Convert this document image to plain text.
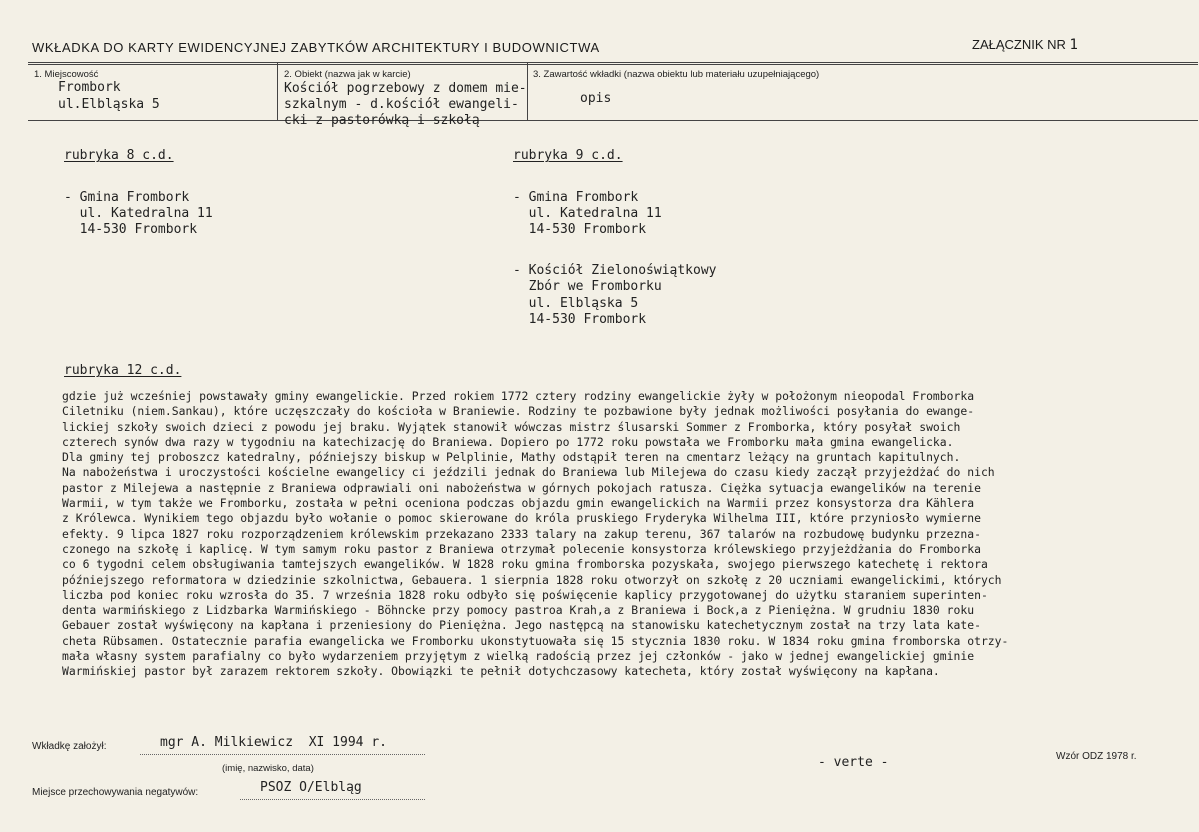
WKŁADKA DO KARTY EWIDENCYJNEJ ZABYTKÓW ARCHITEKTURY I BUDOWNICTWA	ZAŁĄCZNIK NR 1
1. Miejscowość
Frombork
ul.Elbląska 5
2. Obiekt (nazwa jak w karcie)
Kościół pogrzebowy z domem mie-
szkalnym - d.kościół ewangeli-
cki z pastorówką i szkołą
3. Zawartość wkładki (nazwa obiektu lub materiału uzupełniającego)
opis
rubryka 8 c.d.
- Gmina Frombork
ul. Katedralna 11
14-530 Frombork
rubryka 9 c.d.
- Gmina Frombork
ul. Katedralna 11
14-530 Frombork
- Kościół Zielonoświątkowy
Zbór we Fromborku
ul. Elbląska 5
14-530 Frombork
rubryka 12 c.d.
gdzie już wcześniej powstawały gminy ewangelickie. Przed rokiem 1772 cztery rodziny ewangelickie żyły w położonym nieopodal Fromborka
Ciletniku (niem.Sankau), które uczęszczały do kościoła w Braniewie. Rodziny te pozbawione były jednak możliwości posyłania do ewange-
lickiej szkoły swoich dzieci z powodu jej braku. Wyjątek stanowił wówczas mistrz ślusarski Sommer z Fromborka, który posyłał swoich
czterech synów dwa razy w tygodniu na katechizację do Braniewa. Dopiero po 1772 roku powstała we Fromborku mała gmina ewangelicka.
Dla gminy tej proboszcz katedralny, późniejszy biskup w Pelplinie, Mathy odstąpił teren na cmentarz leżący na gruntach kapitulnych.
Na nabożeństwa i uroczystości kościelne ewangelicy ci jeździli jednak do Braniewa lub Milejewa do czasu kiedy zaczął przyjeżdżać do nich
pastor z Milejewa a następnie z Braniewa odprawiali oni nabożeństwa w górnych pokojach ratusza. Ciężka sytuacja ewangelików na terenie
Warmii, w tym także we Fromborku, została w pełni oceniona podczas objazdu gmin ewangelickich na Warmii przez konsystorza dra Kählera
z Królewca. Wynikiem tego objazdu było wołanie o pomoc skierowane do króla pruskiego Fryderyka Wilhelma III, które przyniosło wymierne
efekty. 9 lipca 1827 roku rozporządzeniem królewskim przekazano 2333 talary na zakup terenu, 367 talarów na rozbudowę budynku przezna-
czonego na szkołę i kaplicę. W tym samym roku pastor z Braniewa otrzymał polecenie konsystorza królewskiego przyjeżdżania do Fromborka
co 6 tygodni celem obsługiwania tamtejszych ewangelików. W 1828 roku gmina fromborska pozyskała, swojego pierwszego katechetę i rektora
późniejszego reformatora w dziedzinie szkolnictwa, Gebauera. 1 sierpnia 1828 roku otworzył on szkołę z 20 uczniami ewangelickimi, których
liczba pod koniec roku wzrosła do 35. 7 września 1828 roku odbyło się poświęcenie kaplicy przygotowanej do użytku staraniem superinten-
denta warmińskiego z Lidzbarka Warmińskiego - Böhncke przy pomocy pastroa Krah,a z Braniewa i Bock,a z Pieniężna. W grudniu 1830 roku
Gebauer został wyświęcony na kapłana i przeniesiony do Pieniężna. Jego następcą na stanowisku katechetycznym został na trzy lata kate-
cheta Rübsamen. Ostatecznie parafia ewangelicka we Fromborku ukonstytuowała się 15 stycznia 1830 roku. W 1834 roku gmina fromborska otrzy-
mała własny system parafialny co było wydarzeniem przyjętym z wielką radością przez jej członków - jako w jednej ewangelickiej gminie
Warmińskiej pastor był zarazem rektorem szkoły. Obowiązki te pełnił dotychczasowy katecheta, który został wyświęcony na kapłana.
Wkładkę założył:	mgr A. Milkiewicz  XI 1994 r.
(imię, nazwisko, data)
Miejsce przechowywania negatywów:	PSOZ O/Elbląg
- verte -	Wzór ODZ 1978 r.
